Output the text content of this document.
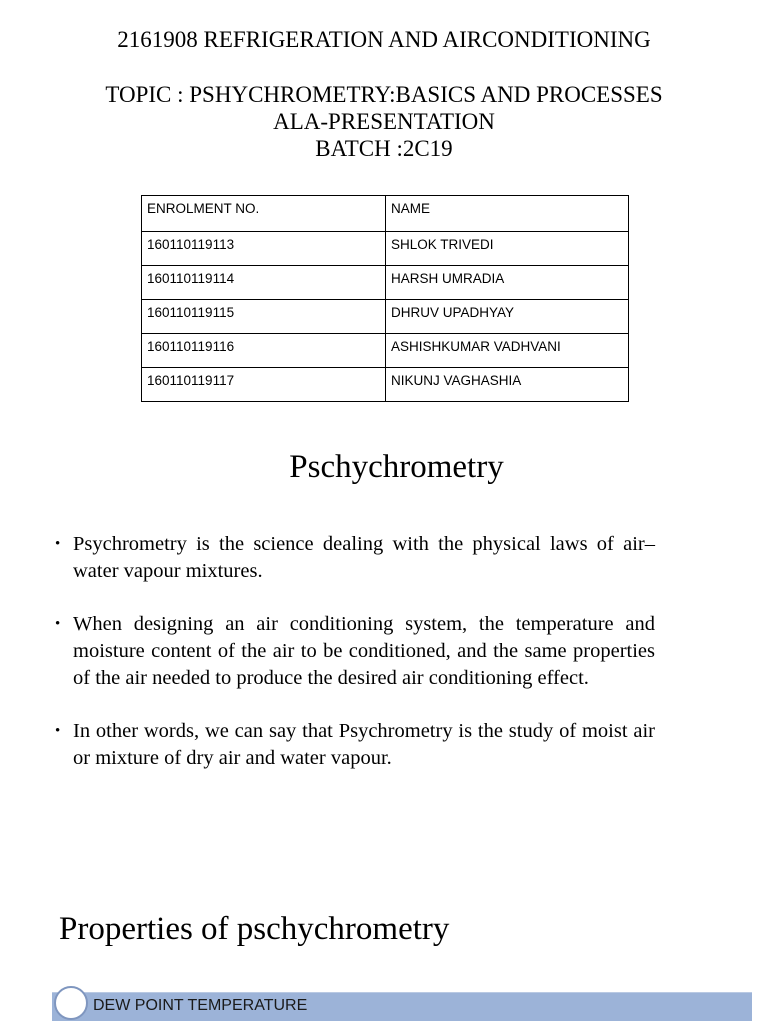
2161908 REFRIGERATION AND AIRCONDITIONING
TOPIC : PSHYCHROMETRY:BASICS AND PROCESSES
ALA-PRESENTATION
BATCH :2C19
ENROLMENT NO.	NAME
160110119113	SHLOK TRIVEDI
160110119114	HARSH UMRADIA
160110119115	DHRUV UPADHYAY
160110119116	ASHISHKUMAR VADHVANI
160110119117	NIKUNJ VAGHASHIA
Pschychrometry
• Psychrometry is the science dealing with the physical laws of air–water vapour mixtures.
• When designing an air conditioning system, the temperature and moisture content of the air to be conditioned, and the same properties of the air needed to produce the desired air conditioning effect.
• In other words, we can say that Psychrometry is the study of moist air or mixture of dry air and water vapour.
Properties of pschychrometry
DEW POINT TEMPERATURE
